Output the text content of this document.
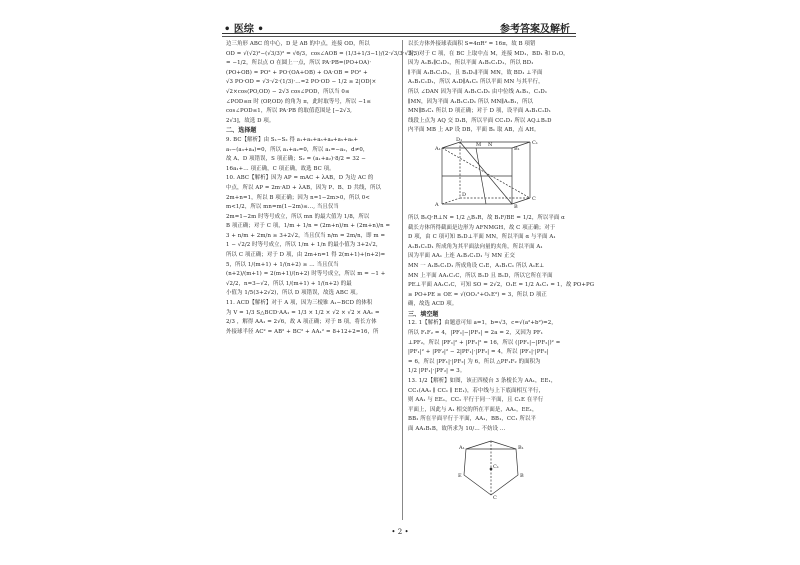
• 医综 •	参考答案及解析
边三角形 ABC 的中心，D 是 AB 的中点，连接 OD，所以
OD = √(√2)²−(√3/3)² = √6/3，cos∠AOB = (1/3+1/3−1)/(2·√3/3·√3/3)
= −1/2，所以点 O 在圆上一点，所以 PA·PB=(PO+OA)·
(PO+OB) = PO² + PO·(OA+OB) + OA·OB = PO² +
√3 PO·OD = √3·√2·(1/3)·...=2 PO·OD − 1/2 ≥ 2|OD|×
√2×cos⟨PO,OD⟩ − 2√3 cos∠POD，所以当 0≤
∠POD≤π 时 ⟨OP,OD⟩ 的角为 π，此时取等号，所以 −1≤
cos∠POD≤1，所以 PA·PB 的取值范围是 [−2√3,
2√3]，故选 D 项。
二、选择题
9. BC【解析】由 S₁−S₂ 得 a₁+a₂+a₃+a₄+a₅+a₆+
a₇−(a₃+a₄)=0，所以 a₁+a₂=0，所以 a₁=−a₂，d≠0，
故 A、D 项错误，S 项正确；S₂ = (a₁+a₂)·8/2 = 32 −
16a₁+... 项正确，C 项正确，故选 BC 项。
10. ABC【解析】因为 AP = mAC + λAB，D 为边 AC 的
中点，所以 AP = 2m·AD + λAB，因为 P、B、D 共线，所以
2m+n=1，所以 B 项正确；因为 n=1−2m>0，所以 0<
m<1/2，所以 mn=m(1−2m)≤..., 当且仅当
2m=1−2m 时等号成立，所以 mn 的最大值为 1/8，所以
B 项正确；对于 C 项，1/m + 1/n = (2m+n)/m + (2m+n)/n =
3 + n/m + 2m/n ≥ 3+2√2，当且仅当 n/m = 2m/n，即 m =
1 − √2/2 时等号成立，所以 1/m + 1/n 的最小值为 3+2√2，
所以 C 项正确；对于 D 项，由 2m+n=1 得 2(m+1)+(n+2)=
5，所以 1/(m+1) + 1/(n+2) ≥ ... 当且仅当
(n+2)/(m+1) = 2(m+1)/(n+2) 时等号成立，所以 m = −1 +
√2/2，n=3−√2，所以 1/(m+1) + 1/(n+2) 的最
小值为 1/5(3+2√2)，所以 D 项错误，故选 ABC 项。
11. ACD【解析】对于 A 项，因为三棱锥 A₁−BCD 的体积
为 V = 1/3 S△BCD·AA₁ = 1/3 × 1/2 × √2 × √2 × AA₁ =
2/3 ，解得 AA₁ = 2√6，故 A 项正确；对于 B 项，将长方体
外接球半径 AC² = AB² + BC² + AA₁² = 8+12+2=16，所
以长方体外接球表面积 S=4πR² = 16π，故 B 项错
误；对于 C 项，在 BC 上取中点 M，连接 MD₁，BD₁ 和 D₁O，
因为 A₁B₁∥C₁D₁，所以平面 A₁B₁C₁D₁，所以 BD₁
∥平面 A₁B₁C₁D₁，且 B₁D₁∥平面 MN，故 BD₁ ⊥平面
A₁B₁C₁D₁，所以 A₁D∥A₁C₁ 所以平面 MN 与其平行，
所以 ∠DAN 因为平面 A₁B₁C₁D₁ 由中位线 A₁B₁，C₁D₁
∥MN，因为平面 A₁B₁C₁D₁ 所以 MN∥A₁B₁，所以
MN∥B₁C₁ 所以 D 项正确；对于 D 项，设平面 A₁B₁C₁D₁
线段上点为 AQ 交 D₁B，所以平面 CC₁D₁ 所以 AQ⊥B₁D
内平面 MB 上 AP 设 DB，平面 B₁ 取 AB，点 AH。
A₁	B₁
C₁
D₁
A	B
C
D
M N
所以 B₁Q·R⊥N = 1/2 △B₁R，故 B₁F/BE = 1/2，所以平面 α
截长方体所得截面是边形为 AFNMGH，故 C 项正确；对于
D 项，由 C 项可知 B₁D⊥平面 MN，所以平面 α 与平面 A₁
A₁B₁C₁D₁ 所成角为其平面法向量的夹角，所以平面 A₁
因为平面 AA₁ 上连 A₁B₁C₁D₁ 与 MN 正交
MN 一 A₁B₁C₁D₁ 所成角设 C₁E，A₁B₁C₁ 所以 A₁E⊥
MN 上平面 AA₁C₁C，所以 B₁D 且 B₁D，所以它所在平面
PE⊥平面 AA₁C₁C，可知 SO = 2√2，O₁E = 1/2 A₁C₁ = 1，故 PO+PG
≥ PO+PE ≥ OE = √(OO₁²+O₁E²) = 3，所以 D 项正
确，故选 ACD 项。
三、填空题
12. 1【解析】由题意可知 a=1，b=√3，c=√(a²+b²)=2，
所以 F₁F₂ = 4，|PF₁|−|PF₂| = 2a = 2，又因为 PF₁
⊥PF₂，所以 |PF₁|² + |PF₂|² = 16，所以 (|PF₁|−|PF₂|)² =
|PF₁|² + |PF₂|² − 2|PF₁|·|PF₂| = 4，所以 |PF₁|·|PF₂|
= 6，所以 |PF₁|·|PF₂| 为 6，所以 △PF₁F₂ 的面积为
1/2 |PF₁|·|PF₂| = 3。
13. 1/2【解析】如图，该正四棱台 3 条棱长为 AA₁，EE₁，
CC₁(AA₁ ∥ CC₁ ∥ EE₁)，若中线与上下底面相互平行，
则 AA₁ 与 EE₁，CC₁ 平行于同一平面，且 C₁E 在平行
平面上，因此与 A₁ 相交的所在平面是，AA₁，EE₁，
BB₁ 所在平面平行于平面，AA₁，BB₁，CC₁ 所以平
面 AA₁B₁B，故所求为 10/... 不妨设 ...
A₁	B₁
C₁
E	B
C
• 2 •
